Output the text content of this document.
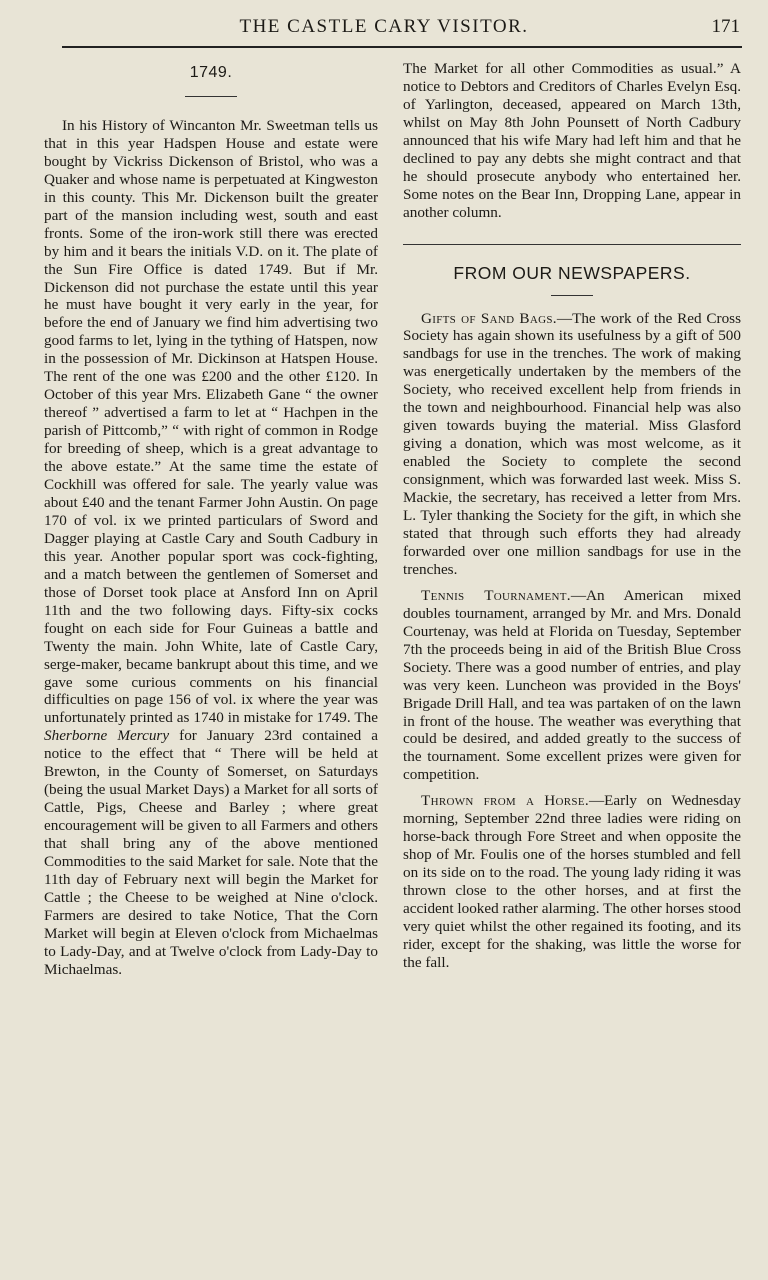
THE CASTLE CARY VISITOR.	171
1749.

In his History of Wincanton Mr. Sweetman tells us that in this year Hadspen House and estate were bought by Vickriss Dickenson of Bristol, who was a Quaker and whose name is perpetuated at Kingweston in this county. This Mr. Dickenson built the greater part of the mansion including west, south and east fronts. Some of the iron-work still there was erected by him and it bears the initials V.D. on it. The plate of the Sun Fire Office is dated 1749. But if Mr. Dickenson did not purchase the estate until this year he must have bought it very early in the year, for before the end of January we find him advertising two good farms to let, lying in the tything of Hatspen, now in the possession of Mr. Dickinson at Hatspen House. The rent of the one was £200 and the other £120. In October of this year Mrs. Elizabeth Gane “ the owner thereof ” advertised a farm to let at “ Hachpen in the parish of Pittcomb,” “ with right of common in Rodge for breeding of sheep, which is a great advantage to the above estate.” At the same time the estate of Cockhill was offered for sale. The yearly value was about £40 and the tenant Farmer John Austin. On page 170 of vol. ix we printed particulars of Sword and Dagger playing at Castle Cary and South Cadbury in this year. Another popular sport was cock-fighting, and a match between the gentlemen of Somerset and those of Dorset took place at Ansford Inn on April 11th and the two following days. Fifty-six cocks fought on each side for Four Guineas a battle and Twenty the main. John White, late of Castle Cary, serge-maker, became bankrupt about this time, and we gave some curious comments on his financial difficulties on page 156 of vol. ix where the year was unfortunately printed as 1740 in mistake for 1749. The Sherborne Mercury for January 23rd contained a notice to the effect that “ There will be held at Brewton, in the County of Somerset, on Saturdays (being the usual Market Days) a Market for all sorts of Cattle, Pigs, Cheese and Barley ; where great encouragement will be given to all Farmers and others that shall bring any of the above mentioned Commodities to the said Market for sale. Note that the 11th day of February next will begin the Market for Cattle ; the Cheese to be weighed at Nine o'clock. Farmers are desired to take Notice, That the Corn Market will begin at Eleven o'clock from Michaelmas to Lady-Day, and at Twelve o'clock from Lady-Day to Michaelmas.

The Market for all other Commodities as usual.” A notice to Debtors and Creditors of Charles Evelyn Esq. of Yarlington, deceased, appeared on March 13th, whilst on May 8th John Pounsett of North Cadbury announced that his wife Mary had left him and that he declined to pay any debts she might contract and that he should prosecute anybody who entertained her. Some notes on the Bear Inn, Dropping Lane, appear in another column.

FROM OUR NEWSPAPERS.

Gifts of Sand Bags.—The work of the Red Cross Society has again shown its usefulness by a gift of 500 sandbags for use in the trenches. The work of making was energetically undertaken by the members of the Society, who received excellent help from friends in the town and neighbourhood. Financial help was also given towards buying the material. Miss Glasford giving a donation, which was most welcome, as it enabled the Society to complete the second consignment, which was forwarded last week. Miss S. Mackie, the secretary, has received a letter from Mrs. L. Tyler thanking the Society for the gift, in which she stated that through such efforts they had already forwarded over one million sandbags for use in the trenches.

Tennis Tournament.—An American mixed doubles tournament, arranged by Mr. and Mrs. Donald Courtenay, was held at Florida on Tuesday, September 7th the proceeds being in aid of the British Blue Cross Society. There was a good number of entries, and play was very keen. Luncheon was provided in the Boys' Brigade Drill Hall, and tea was partaken of on the lawn in front of the house. The weather was everything that could be desired, and added greatly to the success of the tournament. Some excellent prizes were given for competition.

Thrown from a Horse.—Early on Wednesday morning, September 22nd three ladies were riding on horse-back through Fore Street and when opposite the shop of Mr. Foulis one of the horses stumbled and fell on its side on to the road. The young lady riding it was thrown close to the other horses, and at first the accident looked rather alarming. The other horses stood very quiet whilst the other regained its footing, and its rider, except for the shaking, was little the worse for the fall.
